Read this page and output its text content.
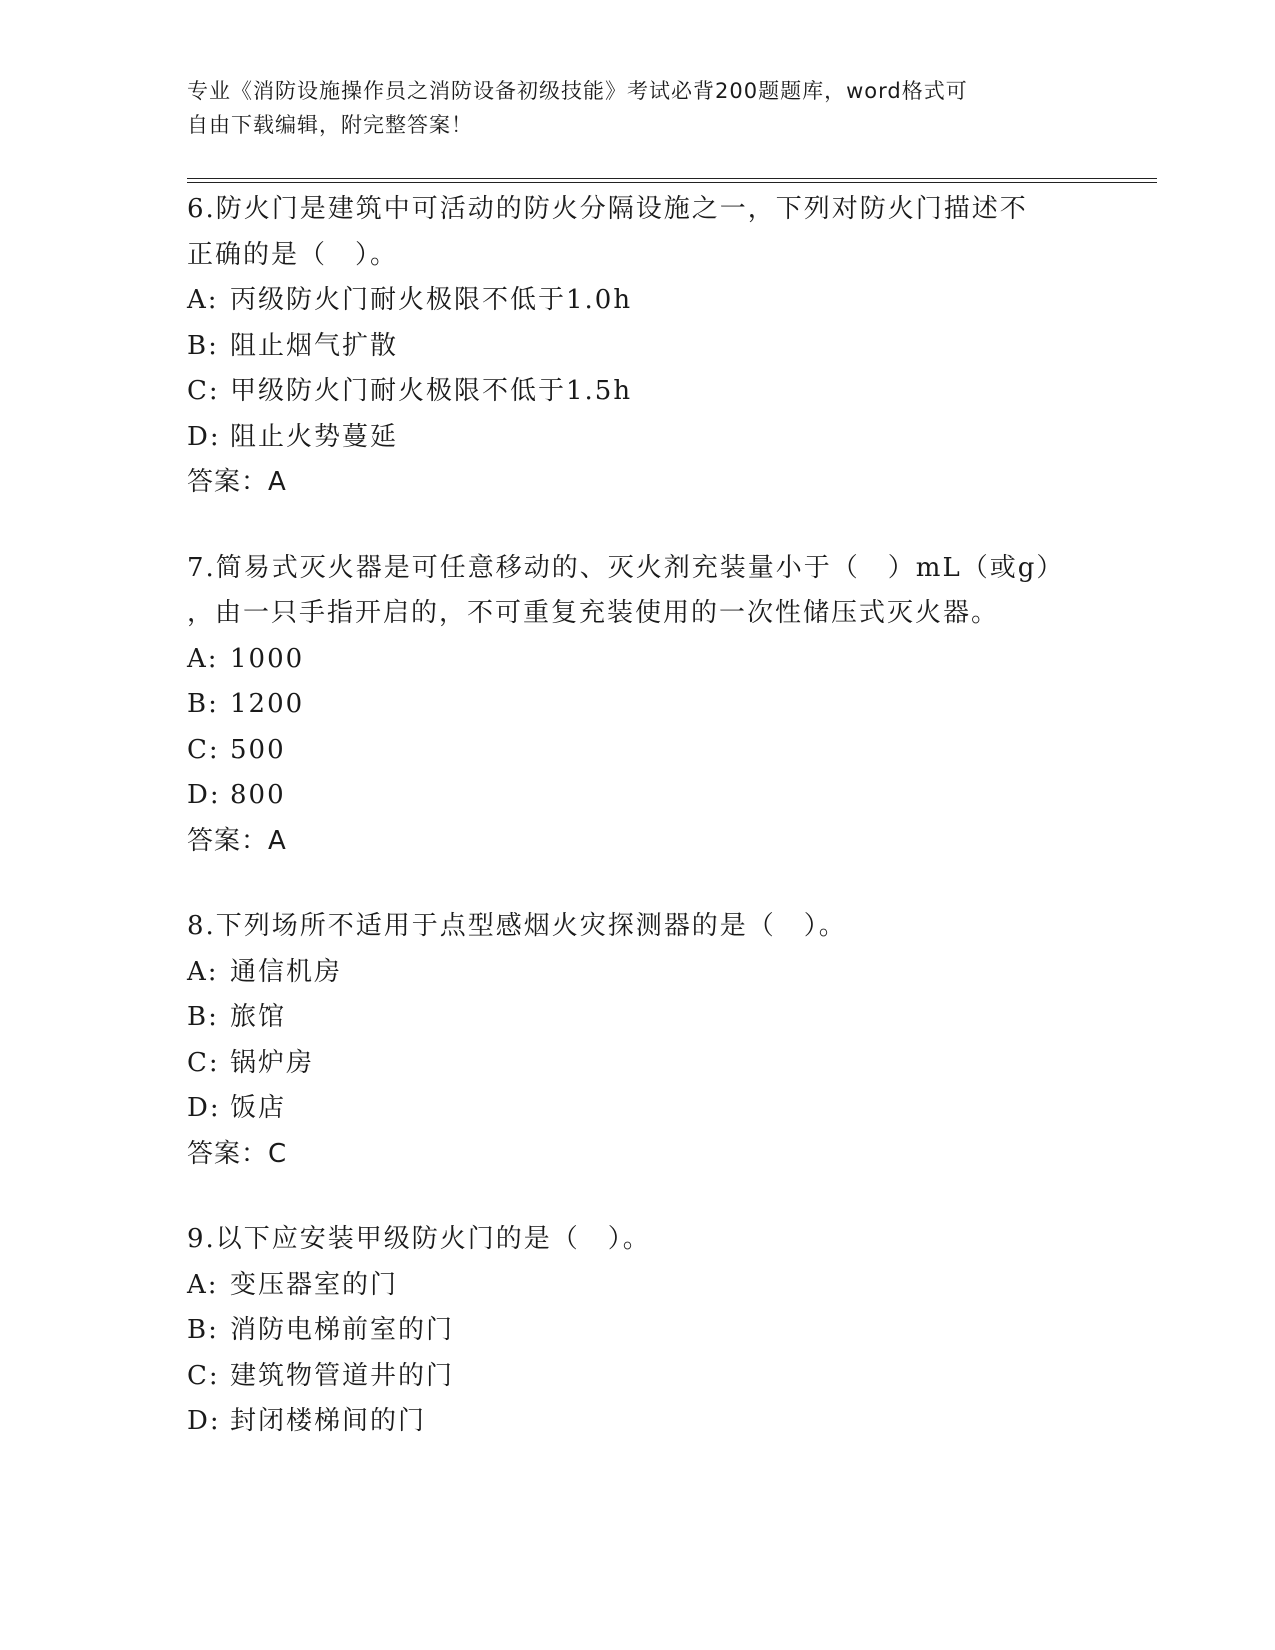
专业《消防设施操作员之消防设备初级技能》考试必背200题题库，word格式可
自由下载编辑，附完整答案！
6.防火门是建筑中可活动的防火分隔设施之一，下列对防火门描述不
正确的是（　）。
A: 丙级防火门耐火极限不低于1.0h
B: 阻止烟气扩散
C: 甲级防火门耐火极限不低于1.5h
D: 阻止火势蔓延
答案：A
7.简易式灭火器是可任意移动的、灭火剂充装量小于（　）mL（或g）
，由一只手指开启的，不可重复充装使用的一次性储压式灭火器。
A: 1000
B: 1200
C: 500
D: 800
答案：A
8.下列场所不适用于点型感烟火灾探测器的是（　）。
A: 通信机房
B: 旅馆
C: 锅炉房
D: 饭店
答案：C
9.以下应安装甲级防火门的是（　）。
A: 变压器室的门
B: 消防电梯前室的门
C: 建筑物管道井的门
D: 封闭楼梯间的门
